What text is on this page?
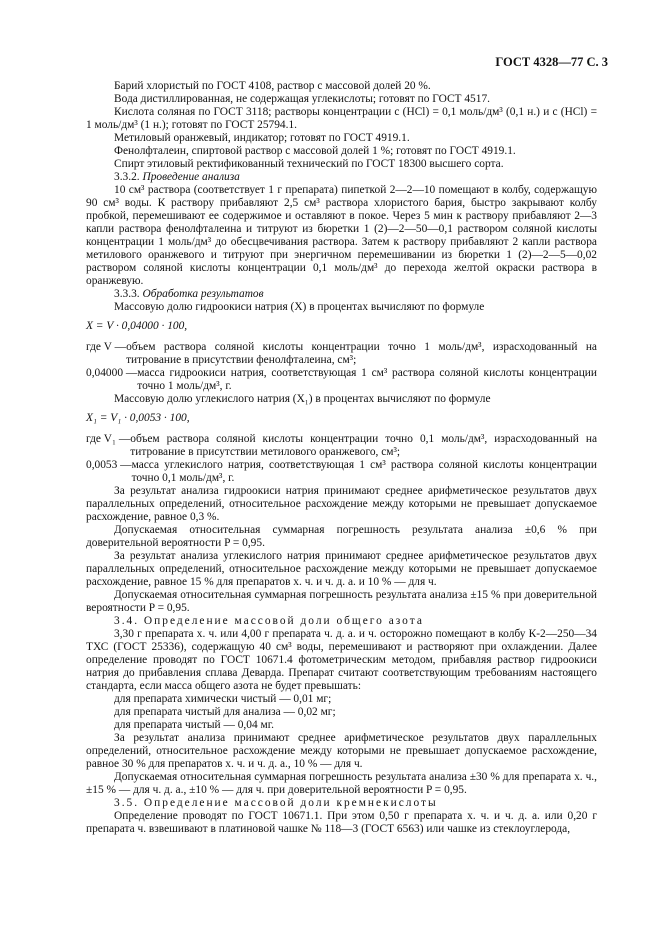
ГОСТ 4328—77 С. 3

Барий хлористый по ГОСТ 4108, раствор с массовой долей 20 %.

Вода дистиллированная, не содержащая углекислоты; готовят по ГОСТ 4517.

Кислота соляная по ГОСТ 3118; растворы концентрации c (HCl) = 0,1 моль/дм³ (0,1 н.) и c (HCl) = 1 моль/дм³ (1 н.); готовят по ГОСТ 25794.1.

Метиловый оранжевый, индикатор; готовят по ГОСТ 4919.1.

Фенолфталеин, спиртовой раствор с массовой долей 1 %; готовят по ГОСТ 4919.1.

Спирт этиловый ректификованный технический по ГОСТ 18300 высшего сорта.

3.3.2. Проведение анализа

10 см³ раствора (соответствует 1 г препарата) пипеткой 2—2—10 помещают в колбу, содержащую 90 см³ воды. К раствору прибавляют 2,5 см³ раствора хлористого бария, быстро закрывают колбу пробкой, перемешивают ее содержимое и оставляют в покое. Через 5 мин к раствору прибавляют 2—3 капли раствора фенолфталеина и титруют из бюретки 1 (2)—2—50—0,1 раствором соляной кислоты концентрации 1 моль/дм³ до обесцвечивания раствора. Затем к раствору прибавляют 2 капли раствора метилового оранжевого и титруют при энергичном перемешивании из бюретки 1 (2)—2—5—0,02 раствором соляной кислоты концентрации 0,1 моль/дм³ до перехода желтой окраски раствора в оранжевую.

3.3.3. Обработка результатов

Массовую долю гидроокиси натрия (X) в процентах вычисляют по формуле

X = V · 0,04000 · 100,

где V — объем раствора соляной кислоты концентрации точно 1 моль/дм³, израсходованный на титрование в присутствии фенолфталеина, см³;
0,04000 — масса гидроокиси натрия, соответствующая 1 см³ раствора соляной кислоты концентрации точно 1 моль/дм³, г.

Массовую долю углекислого натрия (X₁) в процентах вычисляют по формуле

X₁ = V₁ · 0,0053 · 100,

где V₁ — объем раствора соляной кислоты концентрации точно 0,1 моль/дм³, израсходованный на титрование в присутствии метилового оранжевого, см³;
0,0053 — масса углекислого натрия, соответствующая 1 см³ раствора соляной кислоты концентрации точно 0,1 моль/дм³, г.

За результат анализа гидроокиси натрия принимают среднее арифметическое результатов двух параллельных определений, относительное расхождение между которыми не превышает допускаемое расхождение, равное 0,3 %.

Допускаемая относительная суммарная погрешность результата анализа ±0,6 % при доверительной вероятности P = 0,95.

За результат анализа углекислого натрия принимают среднее арифметическое результатов двух параллельных определений, относительное расхождение между которыми не превышает допускаемое расхождение, равное 15 % для препаратов х. ч. и ч. д. а. и 10 % — для ч.

Допускаемая относительная суммарная погрешность результата анализа ±15 % при доверительной вероятности P = 0,95.

3.4. Определение массовой доли общего азота

3,30 г препарата х. ч. или 4,00 г препарата ч. д. а. и ч. осторожно помещают в колбу К-2—250—34 ТХС (ГОСТ 25336), содержащую 40 см³ воды, перемешивают и растворяют при охлаждении. Далее определение проводят по ГОСТ 10671.4 фотометрическим методом, прибавляя раствор гидроокиси натрия до прибавления сплава Деварда. Препарат считают соответствующим требованиям настоящего стандарта, если масса общего азота не будет превышать:

для препарата химически чистый — 0,01 мг;

для препарата чистый для анализа — 0,02 мг;

для препарата чистый — 0,04 мг.

За результат анализа принимают среднее арифметическое результатов двух параллельных определений, относительное расхождение между которыми не превышает допускаемое расхождение, равное 30 % для препаратов х. ч. и ч. д. а., 10 % — для ч.

Допускаемая относительная суммарная погрешность результата анализа ±30 % для препарата х. ч., ±15 % — для ч. д. а., ±10 % — для ч. при доверительной вероятности P = 0,95.

3.5. Определение массовой доли кремнекислоты

Определение проводят по ГОСТ 10671.1. При этом 0,50 г препарата х. ч. и ч. д. а. или 0,20 г препарата ч. взвешивают в платиновой чашке № 118—3 (ГОСТ 6563) или чашке из стеклоуглерода,
